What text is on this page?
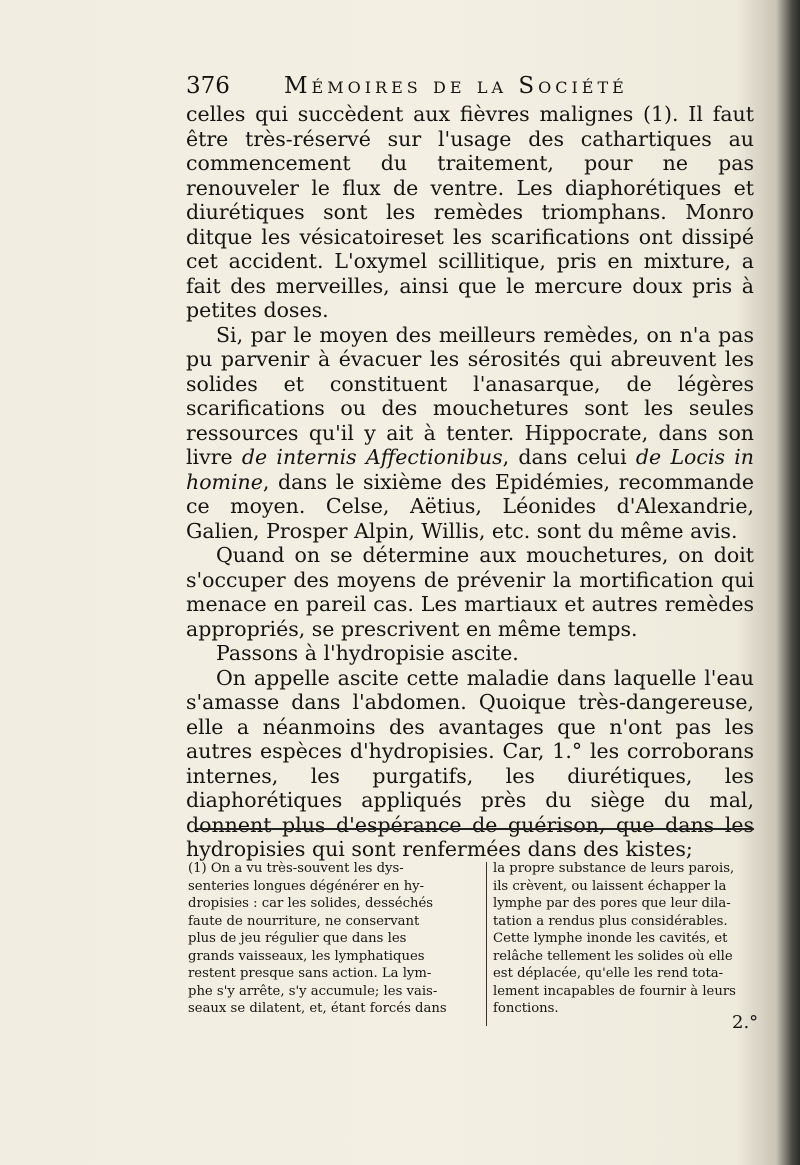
376 Mémoires de la Société

celles qui succèdent aux fièvres malignes (1). Il faut être très-réservé sur l'usage des cathartiques au commencement du traitement, pour ne pas renouveler le flux de ventre. Les diaphorétiques et diurétiques sont les remèdes triomphans. Monro ditque les vésicatoireset les scarifications ont dissipé cet accident. L'oxymel scillitique, pris en mixture, a fait des merveilles, ainsi que le mercure doux pris à petites doses.

Si, par le moyen des meilleurs remèdes, on n'a pas pu parvenir à évacuer les sérosités qui abreuvent les solides et constituent l'anasarque, de légères scarifications ou des mouchetures sont les seules ressources qu'il y ait à tenter. Hippocrate, dans son livre de internis Affectionibus, dans celui de Locis in homine, dans le sixième des Epidémies, recommande ce moyen. Celse, Aëtius, Léonides d'Alexandrie, Galien, Prosper Alpin, Willis, etc. sont du même avis.

Quand on se détermine aux mouchetures, on doit s'occuper des moyens de prévenir la mortification qui menace en pareil cas. Les martiaux et autres remèdes appropriés, se prescrivent en même temps.

Passons à l'hydropisie ascite.

On appelle ascite cette maladie dans laquelle l'eau s'amasse dans l'abdomen. Quoique très-dangereuse, elle a néanmoins des avantages que n'ont pas les autres espèces d'hydropisies. Car, 1.° les corroborans internes, les purgatifs, les diurétiques, les diaphorétiques appliqués près du siège du mal, donnent plus d'espérance de guérison, que dans les hydropisies qui sont renfermées dans des kistes;

(1) On a vu très-souvent les dys-
senteries longues dégénérer en hy-
dropisies : car les solides, desséchés
faute de nourriture, ne conservant
plus de jeu régulier que dans les
grands vaisseaux, les lymphatiques
restent presque sans action. La lym-
phe s'y arrête, s'y accumule; les vais-
seaux se dilatent, et, étant forcés dans
la propre substance de leurs parois,
ils crèvent, ou laissent échapper la
lymphe par des pores que leur dila-
tation a rendus plus considérables.
Cette lymphe inonde les cavités, et
relâche tellement les solides où elle
est déplacée, qu'elle les rend tota-
lement incapables de fournir à leurs
fonctions.
2.°
